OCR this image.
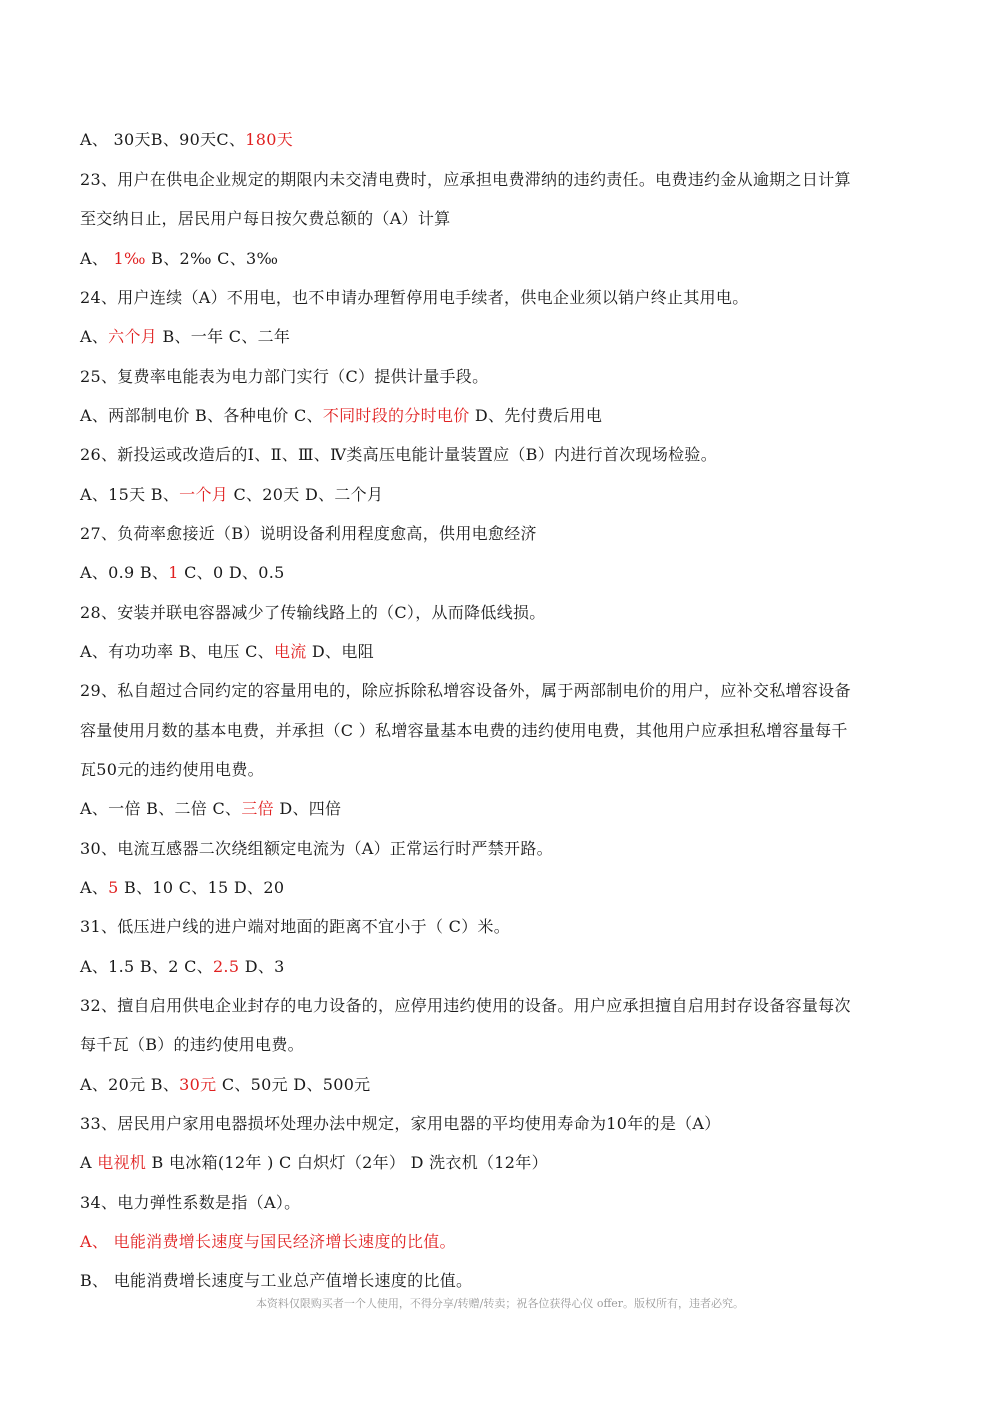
A、 30天B、90天C、180天
23、用户在供电企业规定的期限内未交清电费时，应承担电费滞纳的违约责任。电费违约金从逾期之日计算
至交纳日止，居民用户每日按欠费总额的（A）计算
A、 1‰ B、2‰ C、3‰
24、用户连续（A）不用电，也不申请办理暂停用电手续者，供电企业须以销户终止其用电。
A、六个月 B、一年 C、二年
25、复费率电能表为电力部门实行（C）提供计量手段。
A、两部制电价 B、各种电价 C、不同时段的分时电价 D、先付费后用电
26、新投运或改造后的Ⅰ、Ⅱ、Ⅲ、Ⅳ类高压电能计量装置应（B）内进行首次现场检验。
A、15天 B、一个月 C、20天 D、二个月
27、负荷率愈接近（B）说明设备利用程度愈高，供用电愈经济
A、0.9 B、1 C、0 D、0.5
28、安装并联电容器减少了传输线路上的（C），从而降低线损。
A、有功功率 B、电压 C、电流 D、电阻
29、私自超过合同约定的容量用电的，除应拆除私增容设备外，属于两部制电价的用户，应补交私增容设备
容量使用月数的基本电费，并承担（C ）私增容量基本电费的违约使用电费，其他用户应承担私增容量每千
瓦50元的违约使用电费。
A、一倍 B、二倍 C、三倍 D、四倍
30、电流互感器二次绕组额定电流为（A）正常运行时严禁开路。
A、5 B、10 C、15 D、20
31、低压进户线的进户端对地面的距离不宜小于（ C）米。
A、1.5 B、2 C、2.5 D、3
32、擅自启用供电企业封存的电力设备的，应停用违约使用的设备。用户应承担擅自启用封存设备容量每次
每千瓦（B）的违约使用电费。
A、20元 B、30元 C、50元 D、500元
33、居民用户家用电器损坏处理办法中规定，家用电器的平均使用寿命为10年的是（A）
A 电视机 B 电冰箱(12年 ) C 白炽灯（2年） D 洗衣机（12年）
34、电力弹性系数是指（A）。
A、 电能消费增长速度与国民经济增长速度的比值。
B、 电能消费增长速度与工业总产值增长速度的比值。
本资料仅限购买者一个人使用，不得分享/转赠/转卖；祝各位获得心仪 offer。版权所有，违者必究。
